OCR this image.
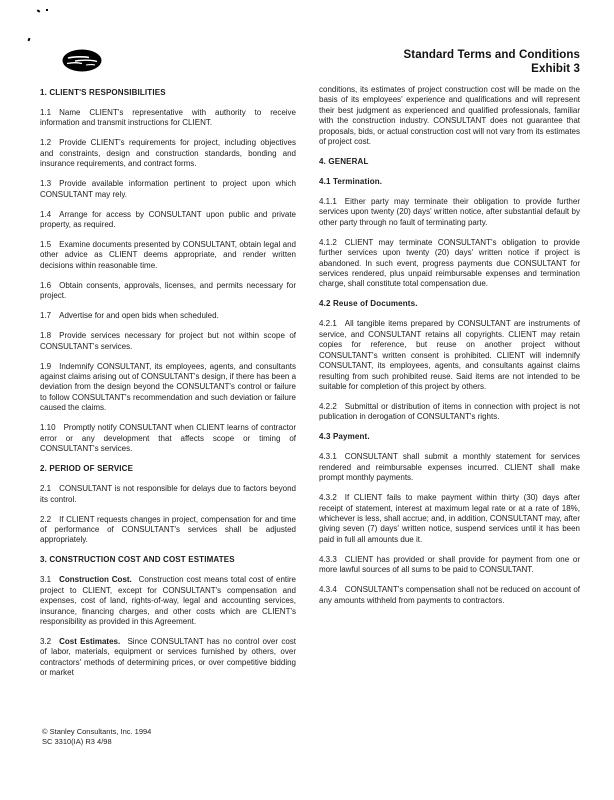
Standard Terms and Conditions
Exhibit 3
1. CLIENT'S RESPONSIBILITIES
1.1  Name CLIENT's representative with authority to receive information and transmit instructions for CLIENT.
1.2  Provide CLIENT's requirements for project, including objectives and constraints, design and construction standards, bonding and insurance requirements, and contract forms.
1.3  Provide available information pertinent to project upon which CONSULTANT may rely.
1.4  Arrange for access by CONSULTANT upon public and private property, as required.
1.5  Examine documents presented by CONSULTANT, obtain legal and other advice as CLIENT deems appropriate, and render written decisions within reasonable time.
1.6  Obtain consents, approvals, licenses, and permits necessary for project.
1.7  Advertise for and open bids when scheduled.
1.8  Provide services necessary for project but not within scope of CONSULTANT's services.
1.9  Indemnify CONSULTANT, its employees, agents, and consultants against claims arising out of CONSULTANT's design, if there has been a deviation from the design beyond the CONSULTANT's control or failure to follow CONSULTANT's recommendation and such deviation or failure caused the claims.
1.10  Promptly notify CONSULTANT when CLIENT learns of contractor error or any development that affects scope or timing of CONSULTANT's services.
2. PERIOD OF SERVICE
2.1  CONSULTANT is not responsible for delays due to factors beyond its control.
2.2  If CLIENT requests changes in project, compensation for and time of performance of CONSULTANT's services shall be adjusted appropriately.
3. CONSTRUCTION COST AND COST ESTIMATES
3.1  Construction Cost.  Construction cost means total cost of entire project to CLIENT, except for CONSULTANT's compensation and expenses, cost of land, rights-of-way, legal and accounting services, insurance, financing charges, and other costs which are CLIENT's responsibility as provided in this Agreement.
3.2  Cost Estimates.  Since CONSULTANT has no control over cost of labor, materials, equipment or services furnished by others, over contractors' methods of determining prices, or over competitive bidding or market
conditions, its estimates of project construction cost will be made on the basis of its employees' experience and qualifications and will represent their best judgment as experienced and qualified professionals, familiar with the construction industry. CONSULTANT does not guarantee that proposals, bids, or actual construction cost will not vary from its estimates of project cost.
4. GENERAL
4.1 Termination.
4.1.1  Either party may terminate their obligation to provide further services upon twenty (20) days' written notice, after substantial default by other party through no fault of terminating party.
4.1.2  CLIENT may terminate CONSULTANT's obligation to provide further services upon twenty (20) days' written notice if project is abandoned. In such event, progress payments due CONSULTANT for services rendered, plus unpaid reimbursable expenses and termination charge, shall constitute total compensation due.
4.2 Reuse of Documents.
4.2.1  All tangible items prepared by CONSULTANT are instruments of service, and CONSULTANT retains all copyrights. CLIENT may retain copies for reference, but reuse on another project without CONSULTANT's written consent is prohibited. CLIENT will indemnify CONSULTANT, its employees, agents, and consultants against claims resulting from such prohibited reuse. Said items are not intended to be suitable for completion of this project by others.
4.2.2  Submittal or distribution of items in connection with project is not publication in derogation of CONSULTANT's rights.
4.3 Payment.
4.3.1  CONSULTANT shall submit a monthly statement for services rendered and reimbursable expenses incurred. CLIENT shall make prompt monthly payments.
4.3.2  If CLIENT fails to make payment within thirty (30) days after receipt of statement, interest at maximum legal rate or at a rate of 18%, whichever is less, shall accrue; and, in addition, CONSULTANT may, after giving seven (7) days' written notice, suspend services until it has been paid in full all amounts due it.
4.3.3  CLIENT has provided or shall provide for payment from one or more lawful sources of all sums to be paid to CONSULTANT.
4.3.4  CONSULTANT's compensation shall not be reduced on account of any amounts withheld from payments to contractors.
© Stanley Consultants, Inc. 1994
SC 3310(IA) R3 4/98
